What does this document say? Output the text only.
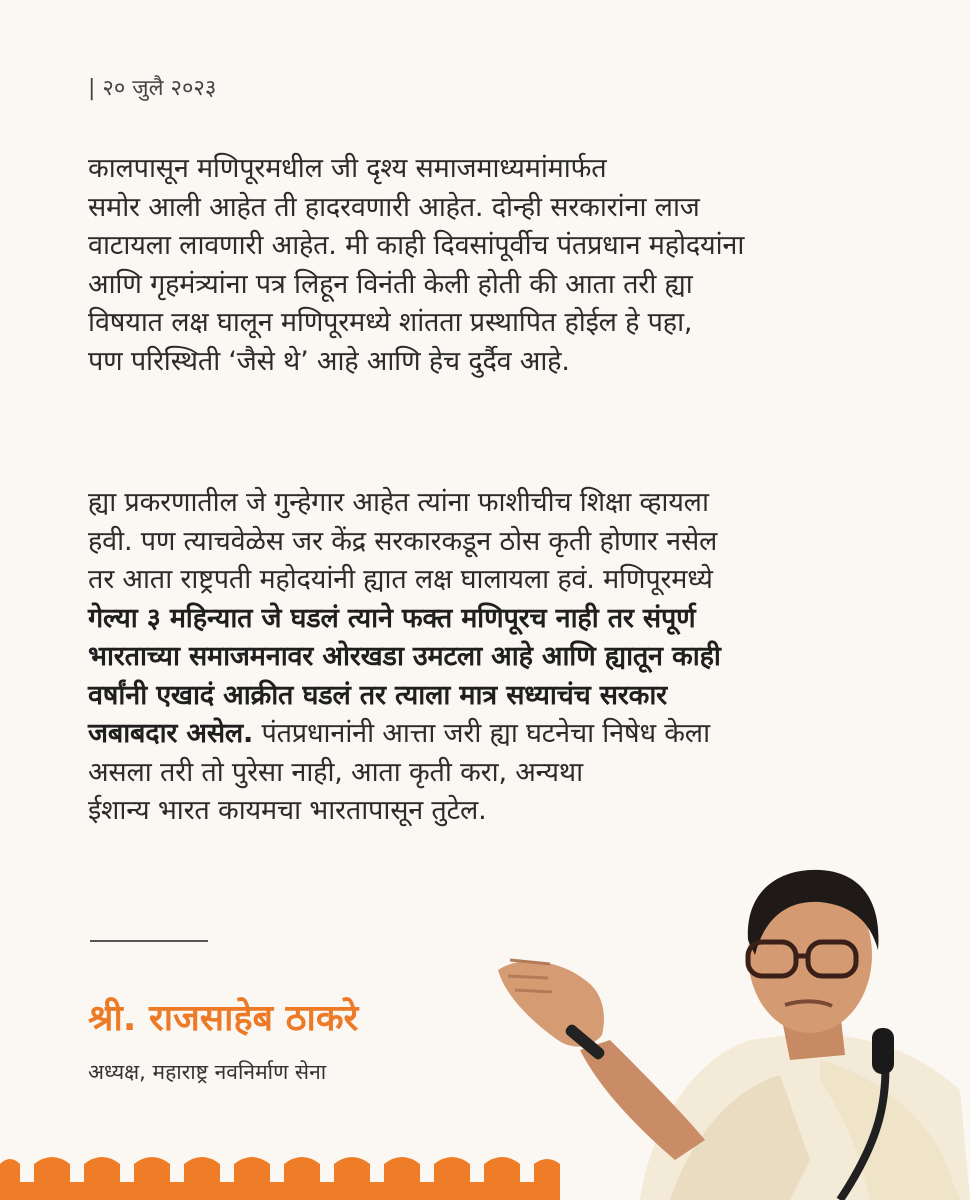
| २० जुलै २०२३

कालपासून मणिपूरमधील जी दृश्य समाजमाध्यमांमार्फत
समोर आली आहेत ती हादरवणारी आहेत. दोन्ही सरकारांना लाज
वाटायला लावणारी आहेत. मी काही दिवसांपूर्वीच पंतप्रधान महोदयांना
आणि गृहमंत्र्यांना पत्र लिहून विनंती केली होती की आता तरी ह्या
विषयात लक्ष घालून मणिपूरमध्ये शांतता प्रस्थापित होईल हे पहा,
पण परिस्थिती ‘जैसे थे’ आहे आणि हेच दुर्दैव आहे.

ह्या प्रकरणातील जे गुन्हेगार आहेत त्यांना फाशीचीच शिक्षा व्हायला
हवी. पण त्याचवेळेस जर केंद्र सरकारकडून ठोस कृती होणार नसेल
तर आता राष्ट्रपती महोदयांनी ह्यात लक्ष घालायला हवं. मणिपूरमध्ये
गेल्या ३ महिन्यात जे घडलं त्याने फक्त मणिपूरच नाही तर संपूर्ण
भारताच्या समाजमनावर ओरखडा उमटला आहे आणि ह्यातून काही
वर्षांनी एखादं आक्रीत घडलं तर त्याला मात्र सध्याचंच सरकार
जबाबदार असेल. पंतप्रधानांनी आत्ता जरी ह्या घटनेचा निषेध केला
असला तरी तो पुरेसा नाही, आता कृती करा, अन्यथा
ईशान्य भारत कायमचा भारतापासून तुटेल.

श्री. राजसाहेब ठाकरे
अध्यक्ष, महाराष्ट्र नवनिर्माण सेना
